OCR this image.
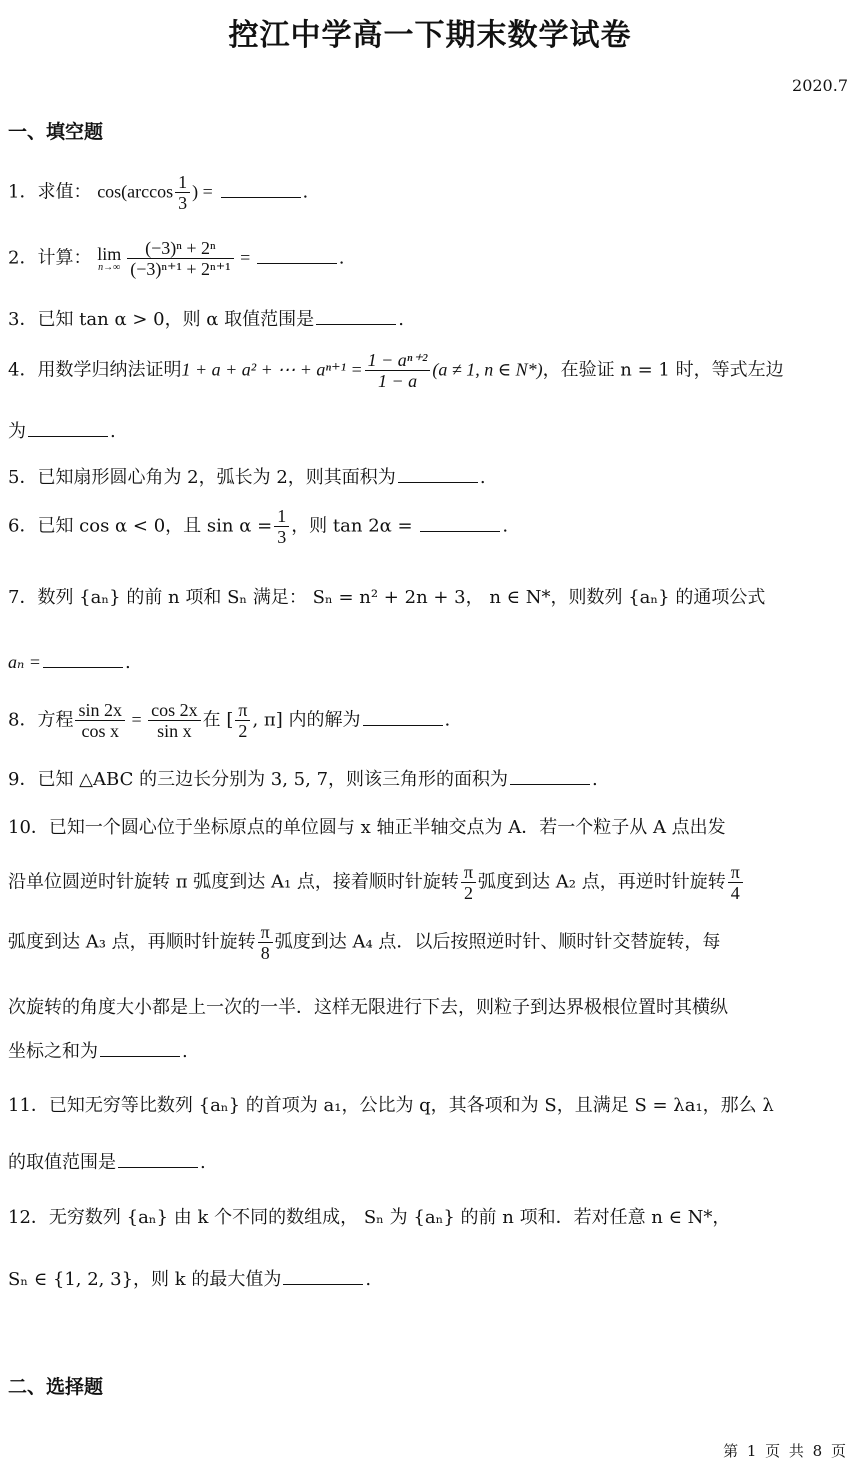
控江中学高一下期末数学试卷
2020.7
一、填空题
1．求值： $\cos(\arccos \frac{1}{3}$ ) =	.
2．计算： lim
$n\to\infty \frac{\text{(−3)ⁿ + 2ⁿ}}{\text{(−3)ⁿ⁺¹ + 2ⁿ⁺¹}}$ =	.
3．已知 tan α > 0，则 α 取值范围是	.
4．用数学归纳法证明1 + a + a² + ⋯ + $a^{n+1} = \frac{\text{1 − aⁿ⁺²}}{1 - a} (a \ne 1$, n ∈ N*)，在验证 n = 1 时，等式左边
为	.
5．已知扇形圆心角为 2，弧长为 2，则其面积为	.
6．已知 cos α < 0，且 $\sin \alpha = \frac{1}{3}$ ，则 tan 2α =	.
7．数列 {aₙ} 的前 n 项和 Sₙ 满足： Sₙ = n² + 2n + 3， n ∈ N*，则数列 {aₙ} 的通项公式
aₙ =	.
8．方程 $\frac{\sin 2x}{\text{cos x}} = \frac{\cos 2x}{\text{sin x}}$ 在 [ $\frac{\pi}{2}$ , π] 内的解为	.
9．已知 △ABC 的三边长分别为 3, 5, 7，则该三角形的面积为	.
10．已知一个圆心位于坐标原点的单位圆与 x 轴正半轴交点为 A．若一个粒子从 A 点出发
沿单位圆逆时针旋转 π 弧度到达 A₁ 点，接着顺时针旋转 $\frac{\pi}{2}$ 弧度到达 A₂ 点，再逆时针旋转 $\frac{\pi}{4}$
弧度到达 A₃ 点，再顺时针旋转 $\frac{\pi}{8}$ 弧度到达 A₄ 点．以后按照逆时针、顺时针交替旋转，每
次旋转的角度大小都是上一次的一半．这样无限进行下去，则粒子到达界极根位置时其横纵
坐标之和为	.
11．已知无穷等比数列 {aₙ} 的首项为 a₁，公比为 q，其各项和为 S，且满足 S = λa₁，那么 λ
的取值范围是	.
12．无穷数列 {aₙ} 由 k 个不同的数组成， Sₙ 为 {aₙ} 的前 n 项和．若对任意 n ∈ N*，
Sₙ ∈ {1, 2, 3}，则 k 的最大值为	.
二、选择题
第 1 页 共 8 页
